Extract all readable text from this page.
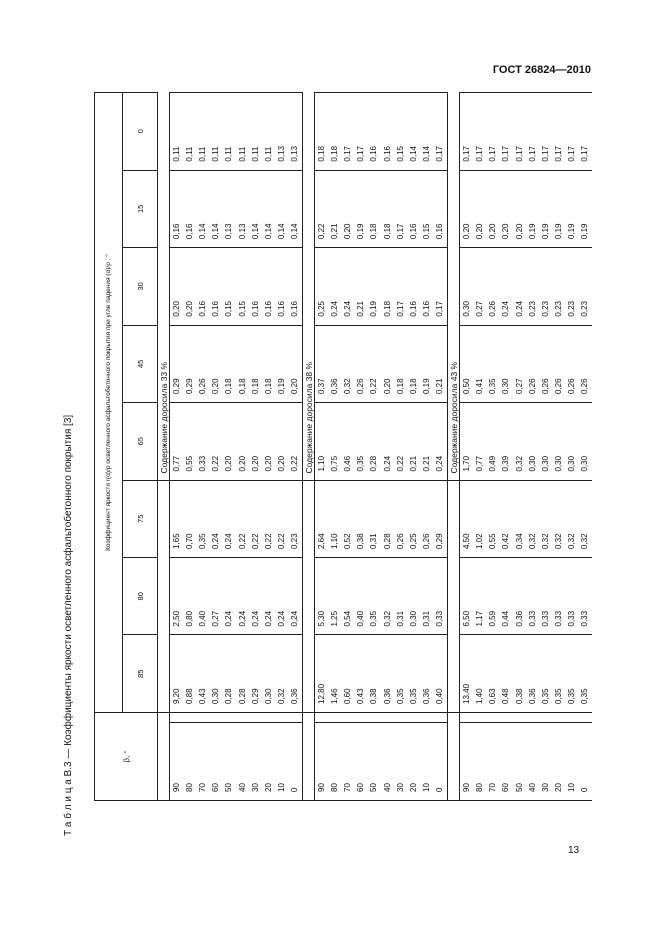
ГОСТ 26824—2010
Т а б л и ц а В.3 — Коэффициенты яркости осветленного асфальтобетонного покрытия [3]	β, °		Коэффициент яркости r(α)/ρ осветленного асфальтобетонного покрытия при угле падения (α)/ρ , °							
		85	80	75	65	45	30	15	0
					Содержание доросила 33 %				
90		9,20	2,50	1,65	0,77	0,29	0,20	0,16	0,11
80		0,88	0,80	0,70	0,55	0,29	0,20	0,16	0,11
70		0,43	0,40	0,35	0,33	0,26	0,16	0,14	0,11
60		0,30	0,27	0,24	0,22	0,20	0,16	0,14	0,11
50		0,28	0,24	0,24	0,20	0,18	0,15	0,13	0,11
40		0,28	0,24	0,22	0,20	0,18	0,15	0,13	0,11
30		0,29	0,24	0,22	0,20	0,18	0,16	0,14	0,11
20		0,30	0,24	0,22	0,20	0,18	0,16	0,14	0,11
10		0,32	0,24	0,22	0,20	0,19	0,16	0,14	0,13
0		0,36	0,24	0,23	0,22	0,20	0,16	0,14	0,13
					Содержание доросила 38 %				
90		12,80	5,30	2,64	1,10	0,37	0,25	0,22	0,18
80		1,46	1,25	1,10	0,75	0,36	0,24	0,21	0,18
70		0,60	0,54	0,52	0,46	0,32	0,24	0,20	0,17
60		0,43	0,40	0,38	0,35	0,26	0,21	0,19	0,17
50		0,38	0,35	0,31	0,28	0,22	0,19	0,18	0,16
40		0,36	0,32	0,28	0,24	0,20	0,18	0,18	0,16
30		0,35	0,31	0,26	0,22	0,18	0,17	0,17	0,15
20		0,35	0,30	0,25	0,21	0,18	0,16	0,16	0,14
10		0,36	0,31	0,26	0,21	0,19	0,16	0,15	0,14
0		0,40	0,33	0,29	0,24	0,21	0,17	0,16	0,17
					Содержание доросила 43 %				
90		13,40	6,50	4,50	1,70	0,50	0,30	0,20	0,17
80		1,40	1,17	1,02	0,77	0,41	0,27	0,20	0,17
70		0,63	0,59	0,55	0,49	0,35	0,26	0,20	0,17
60		0,48	0,44	0,42	0,39	0,30	0,24	0,20	0,17
50		0,38	0,36	0,34	0,32	0,27	0,24	0,20	0,17
40		0,36	0,33	0,32	0,30	0,26	0,23	0,19	0,17
30		0,35	0,33	0,32	0,30	0,26	0,23	0,19	0,17
20		0,35	0,33	0,32	0,30	0,26	0,23	0,19	0,17
10		0,35	0,33	0,32	0,30	0,26	0,23	0,19	0,17
0		0,35	0,33	0,32	0,30	0,26	0,23	0,19	0,17
13
